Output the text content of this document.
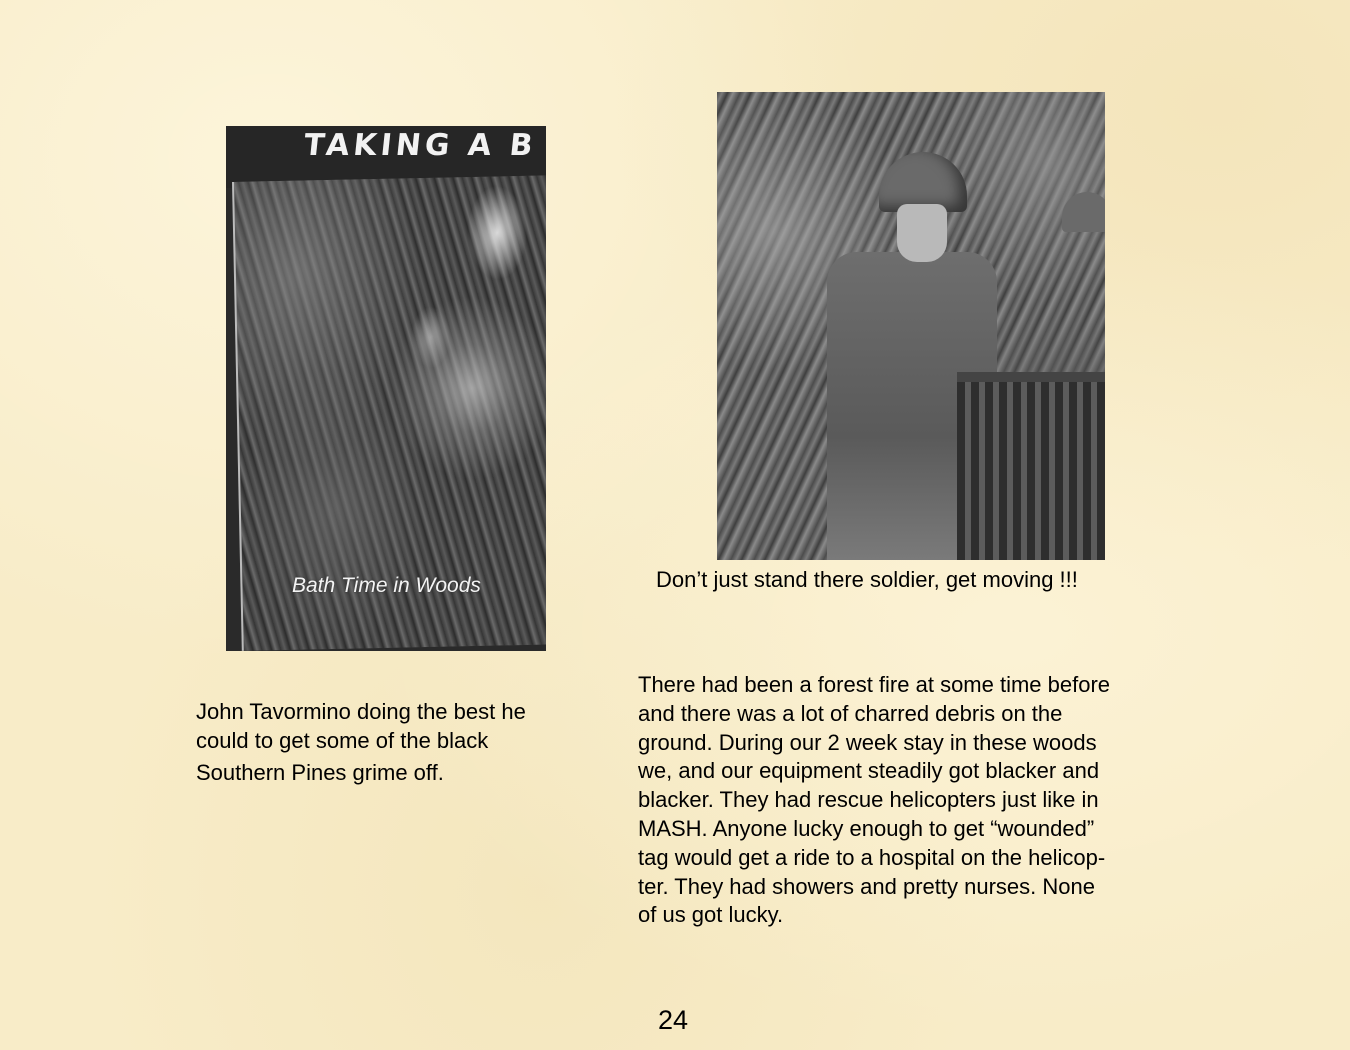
TAKING A B
Bath Time in Woods	Don’t just stand there soldier, get moving !!!
John Tavormino doing the best he
could to get some of the black
Southern Pines grime off.
There had been a forest fire at some time before
and there was a lot of charred debris on the
ground. During our 2 week stay in these woods
we, and our equipment steadily got blacker and
blacker. They had rescue helicopters just like in
MASH. Anyone lucky enough to get “wounded”
tag would get a ride to a hospital on the helicop-
ter. They had showers and pretty nurses. None
of us got lucky.
24
